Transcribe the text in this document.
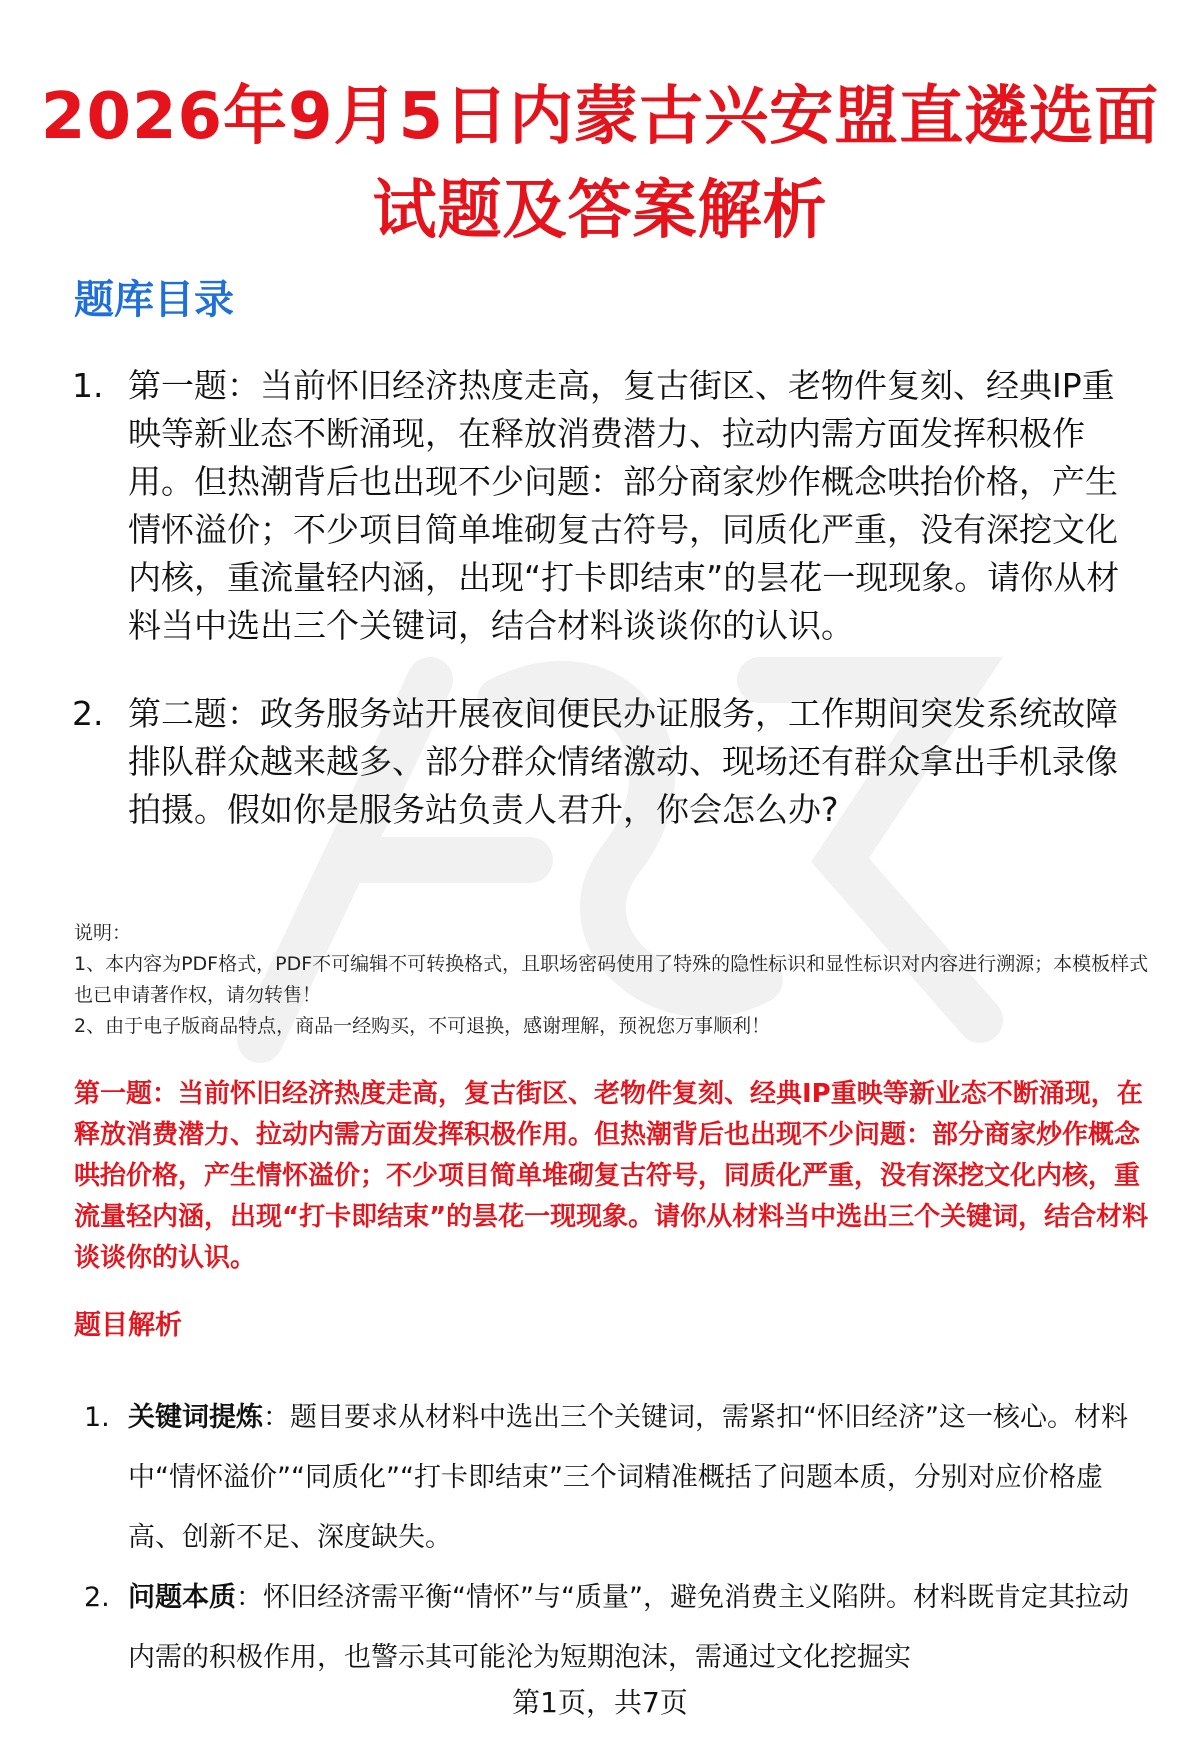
2026年9月5日内蒙古兴安盟直遴选面试题及答案解析
题库目录
1. 第一题：当前怀旧经济热度走高，复古街区、老物件复刻、经典IP重映等新业态不断涌现，在释放消费潜力、拉动内需方面发挥积极作用。但热潮背后也出现不少问题：部分商家炒作概念哄抬价格，产生情怀溢价；不少项目简单堆砌复古符号，同质化严重，没有深挖文化内核，重流量轻内涵，出现“打卡即结束”的昙花一现现象。请你从材料当中选出三个关键词，结合材料谈谈你的认识。
2. 第二题：政务服务站开展夜间便民办证服务，工作期间突发系统故障排队群众越来越多、部分群众情绪激动、现场还有群众拿出手机录像拍摄。假如你是服务站负责人君升，你会怎么办?
说明：
1、本内容为PDF格式，PDF不可编辑不可转换格式，且职场密码使用了特殊的隐性标识和显性标识对内容进行溯源；本模板样式也已申请著作权，请勿转售！
2、由于电子版商品特点，商品一经购买，不可退换，感谢理解，预祝您万事顺利！
第一题：当前怀旧经济热度走高，复古街区、老物件复刻、经典IP重映等新业态不断涌现，在释放消费潜力、拉动内需方面发挥积极作用。但热潮背后也出现不少问题：部分商家炒作概念哄抬价格，产生情怀溢价；不少项目简单堆砌复古符号，同质化严重，没有深挖文化内核，重流量轻内涵，出现“打卡即结束”的昙花一现现象。请你从材料当中选出三个关键词，结合材料谈谈你的认识。
题目解析
1. 关键词提炼：题目要求从材料中选出三个关键词，需紧扣“怀旧经济”这一核心。材料中“情怀溢价”“同质化”“打卡即结束”三个词精准概括了问题本质，分别对应价格虚高、创新不足、深度缺失。
2. 问题本质：怀旧经济需平衡“情怀”与“质量”，避免消费主义陷阱。材料既肯定其拉动内需的积极作用，也警示其可能沦为短期泡沫，需通过文化挖掘实
第1页，共7页
